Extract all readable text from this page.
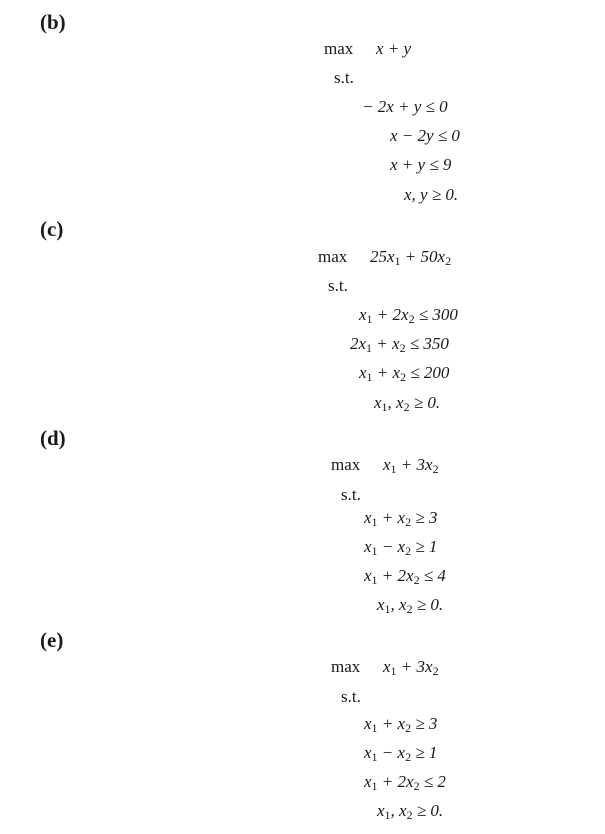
(b)
max x + y
s.t.
− 2x + y ≤ 0
x − 2y ≤ 0
x + y ≤ 9
x, y ≥ 0.
(c)
$\max 25x_1 + 50x_2$
s.t.
$x_1 + 2x_2 \le 300$
$2x_1 + x_2 \le 350$
$x_1 + x_2 \le 200$
$x_1$, $x_2 \ge 0$.
(d)
$\max x_1 + 3x_2$
s.t.
$x_1 + x_2 \ge 3$
$x_1 - x_2 \ge 1$
$x_1 + 2x_2 \le 4$
$x_1$, $x_2 \ge 0$.
(e)
$\max x_1 + 3x_2$
s.t.
$x_1 + x_2 \ge 3$
$x_1 - x_2 \ge 1$
$x_1 + 2x_2 \le 2$
$x_1$, $x_2 \ge 0$.
